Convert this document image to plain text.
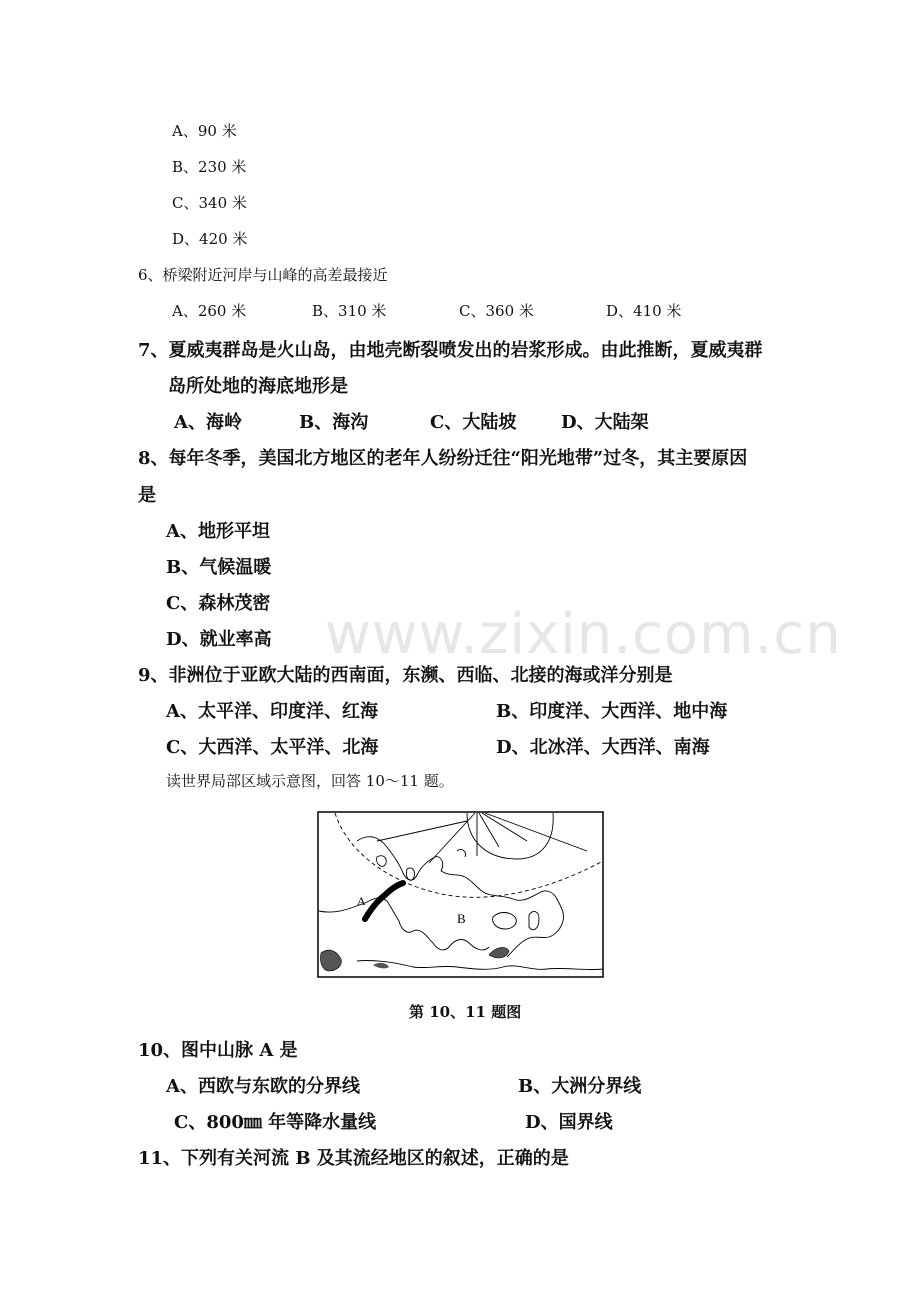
www.zixin.com.cn
A、90 米
B、230 米
C、340 米
D、420 米
6、桥梁附近河岸与山峰的高差最接近
A、260 米	B、310 米	C、360 米	D、410 米
7、夏威夷群岛是火山岛，由地壳断裂喷发出的岩浆形成。由此推断，夏威夷群
岛所处地的海底地形是
A、海岭	B、海沟	C、大陆坡 D、大陆架
8、每年冬季，美国北方地区的老年人纷纷迁往“阳光地带”过冬，其主要原因
是
A、地形平坦
B、气候温暖
C、森林茂密
D、就业率高
9、非洲位于亚欧大陆的西南面，东濒、西临、北接的海或洋分别是
A、太平洋、印度洋、红海	B、印度洋、大西洋、地中海
C、大西洋、太平洋、北海	D、北冰洋、大西洋、南海
读世界局部区域示意图，回答 10～11 题。
A
B
第 10、11 题图
10、图中山脉 A 是
A、西欧与东欧的分界线	B、大洲分界线
C、800㎜ 年等降水量线	D、国界线
11、下列有关河流 B 及其流经地区的叙述，正确的是
